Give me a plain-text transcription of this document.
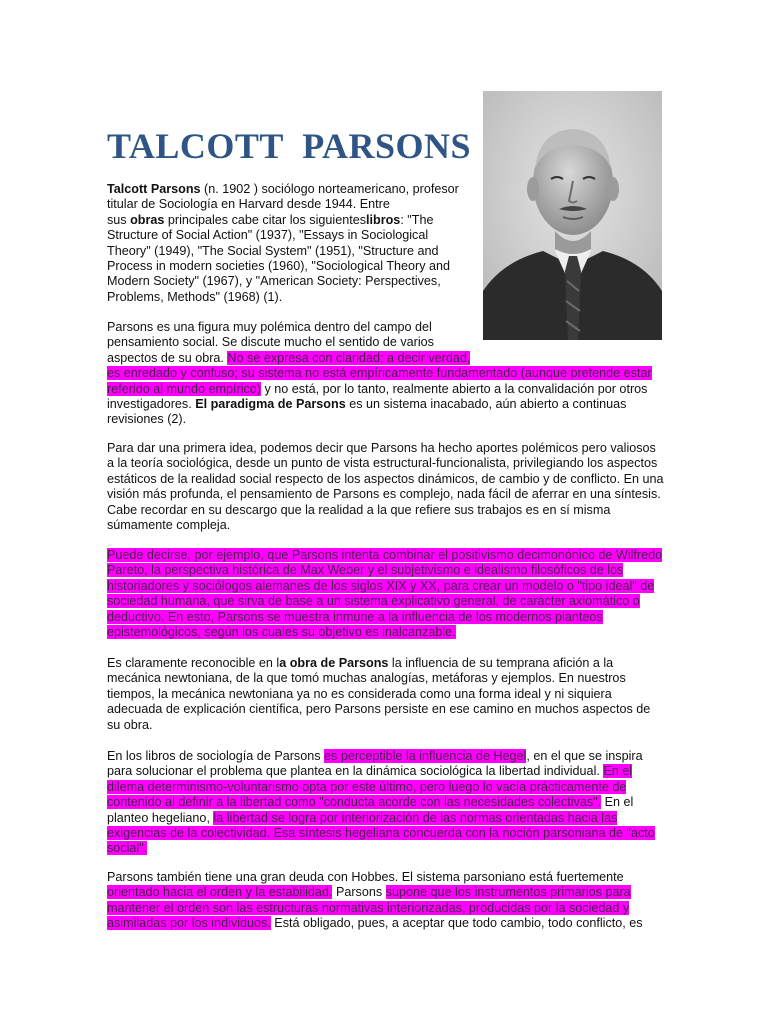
TALCOTT  PARSONS
Talcott Parsons (n. 1902 ) sociólogo norteamericano, profesor
titular de Sociología en Harvard desde 1944. Entre
sus obras principales cabe citar los siguienteslibros: "The
Structure of Social Action" (1937), "Essays in Sociological
Theory" (1949), "The Social System" (1951), "Structure and
Process in modern societies (1960), "Sociological Theory and
Modern Society" (1967), y "American Society: Perspectives,
Problems, Methods" (1968) (1).
Parsons es una figura muy polémica dentro del campo del
pensamiento social. Se discute mucho el sentido de varios
aspectos de su obra. No se expresa con claridad; a decir verdad,
es enredado y confuso; su sistema no está empíricamente fundamentado (aunque pretende estar
referido al mundo empírico) y no está, por lo tanto, realmente abierto a la convalidación por otros
investigadores. El paradigma de Parsons es un sistema inacabado, aún abierto a continuas
revisiones (2).
Para dar una primera idea, podemos decir que Parsons ha hecho aportes polémicos pero valiosos
a la teoría sociológica, desde un punto de vista estructural-funcionalista, privilegiando los aspectos
estáticos de la realidad social respecto de los aspectos dinámicos, de cambio y de conflicto. En una
visión más profunda, el pensamiento de Parsons es complejo, nada fácil de aferrar en una síntesis.
Cabe recordar en su descargo que la realidad a la que refiere sus trabajos es en sí misma
súmamente compleja.
Puede decirse, por ejemplo, que Parsons intenta combinar el positivismo decimonónico de Wilfredo
Pareto, la perspectiva histórica de Max Weber y el subjetivismo e idealismo filosóficos de los
historiadores y sociólogos alemanes de los siglos XIX y XX, para crear un modelo o "tipo ideal" de
sociedad humana, que sirva de base a un sistema explicativo general, de carácter axiomático o
deductivo. En esto, Parsons se muestra inmune a la influencia de los modernos planteos
epistemológicos, según los cuales su objetivo es inalcanzable.
Es claramente reconocible en la obra de Parsons la influencia de su temprana afición a la
mecánica newtoniana, de la que tomó muchas analogías, metáforas y ejemplos. En nuestros
tiempos, la mecánica newtoniana ya no es considerada como una forma ideal y ni siquiera
adecuada de explicación científica, pero Parsons persiste en ese camino en muchos aspectos de
su obra.
En los libros de sociología de Parsons es perceptible la influencia de Hegel, en el que se inspira
para solucionar el problema que plantea en la dinámica sociológica la libertad individual. En el
dilema determinismo-voluntarismo opta por este último, pero luego lo vacía prácticamente de
contenido al definir a la libertad como "conducta acorde con las necesidades colectivas". En el
planteo hegeliano, la libertad se logra por interiorización de las normas orientadas hacia las
exigencias de la colectividad. Esa síntesis hegeliana concuerda con la noción parsoniana de "acto
social".
Parsons también tiene una gran deuda con Hobbes. El sistema parsoniano está fuertemente
orientado hacia el orden y la estabilidad. Parsons supone que los instrumentos primarios para
mantener el orden son las estructuras normativas interiorizadas, producidas por la sociedad y
asimiladas por los individuos. Está obligado, pues, a aceptar que todo cambio, todo conflicto, es
